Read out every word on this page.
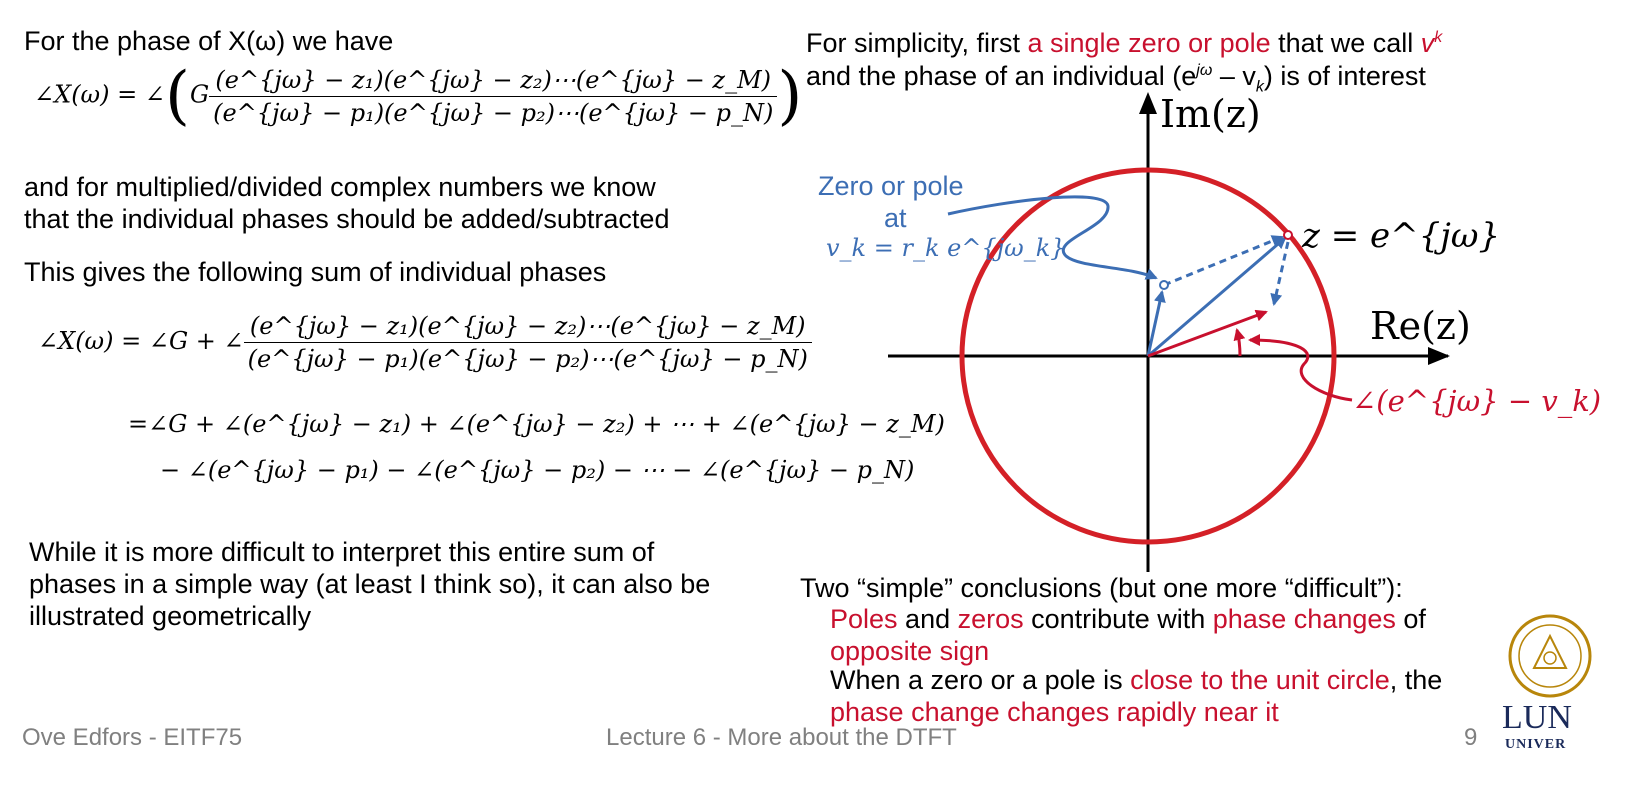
For the phase of X(ω) we have
∠X(ω) = ∠(G $\frac{\text{(e\textasciicircum{}\{jω\} − z₁)(e\textasciicircum{}\{jω\} − z₂)⋯(e\textasciicircum{}\{jω\} − z\_M)}}{\text{(e\textasciicircum{}\{jω\} − p₁)(e\textasciicircum{}\{jω\} − p₂)⋯(e\textasciicircum{}\{jω\} − p\_N)}}$ )
and for multiplied/divided complex numbers we know
that the individual phases should be added/subtracted
This gives the following sum of individual phases
∠X(ω) = ∠G + ∠ $\frac{\text{(e\textasciicircum{}\{jω\} − z₁)(e\textasciicircum{}\{jω\} − z₂)⋯(e\textasciicircum{}\{jω\} − z\_M)}}{\text{(e\textasciicircum{}\{jω\} − p₁)(e\textasciicircum{}\{jω\} − p₂)⋯(e\textasciicircum{}\{jω\} − p\_N)}}$
=∠G + ∠(e^{jω} − z₁) + ∠(e^{jω} − z₂) + ⋯ + ∠(e^{jω} − z_M)
− ∠(e^{jω} − p₁) − ∠(e^{jω} − p₂) − ⋯ − ∠(e^{jω} − p_N)
While it is more difficult to interpret this entire sum of
phases in a simple way (at least I think so), it can also be
illustrated geometrically
For simplicity, first a single zero or pole that we call $v^k$
and the phase of an individual $(e^{j\omega} - v_k)$ is of interest
Im(z)
Re(z)
z = e^{jω}
Zero or pole
at
v_k = r_k e^{jω_k}
∠(e^{jω} − v_k)
Two “simple” conclusions (but one more “difficult”):
Poles and zeros contribute with phase changes of
opposite sign
When a zero or a pole is close to the unit circle, the
phase change changes rapidly near it
Ove Edfors - EITF75	Lecture 6 - More about the DTFT	9
LUN
UNIVER
